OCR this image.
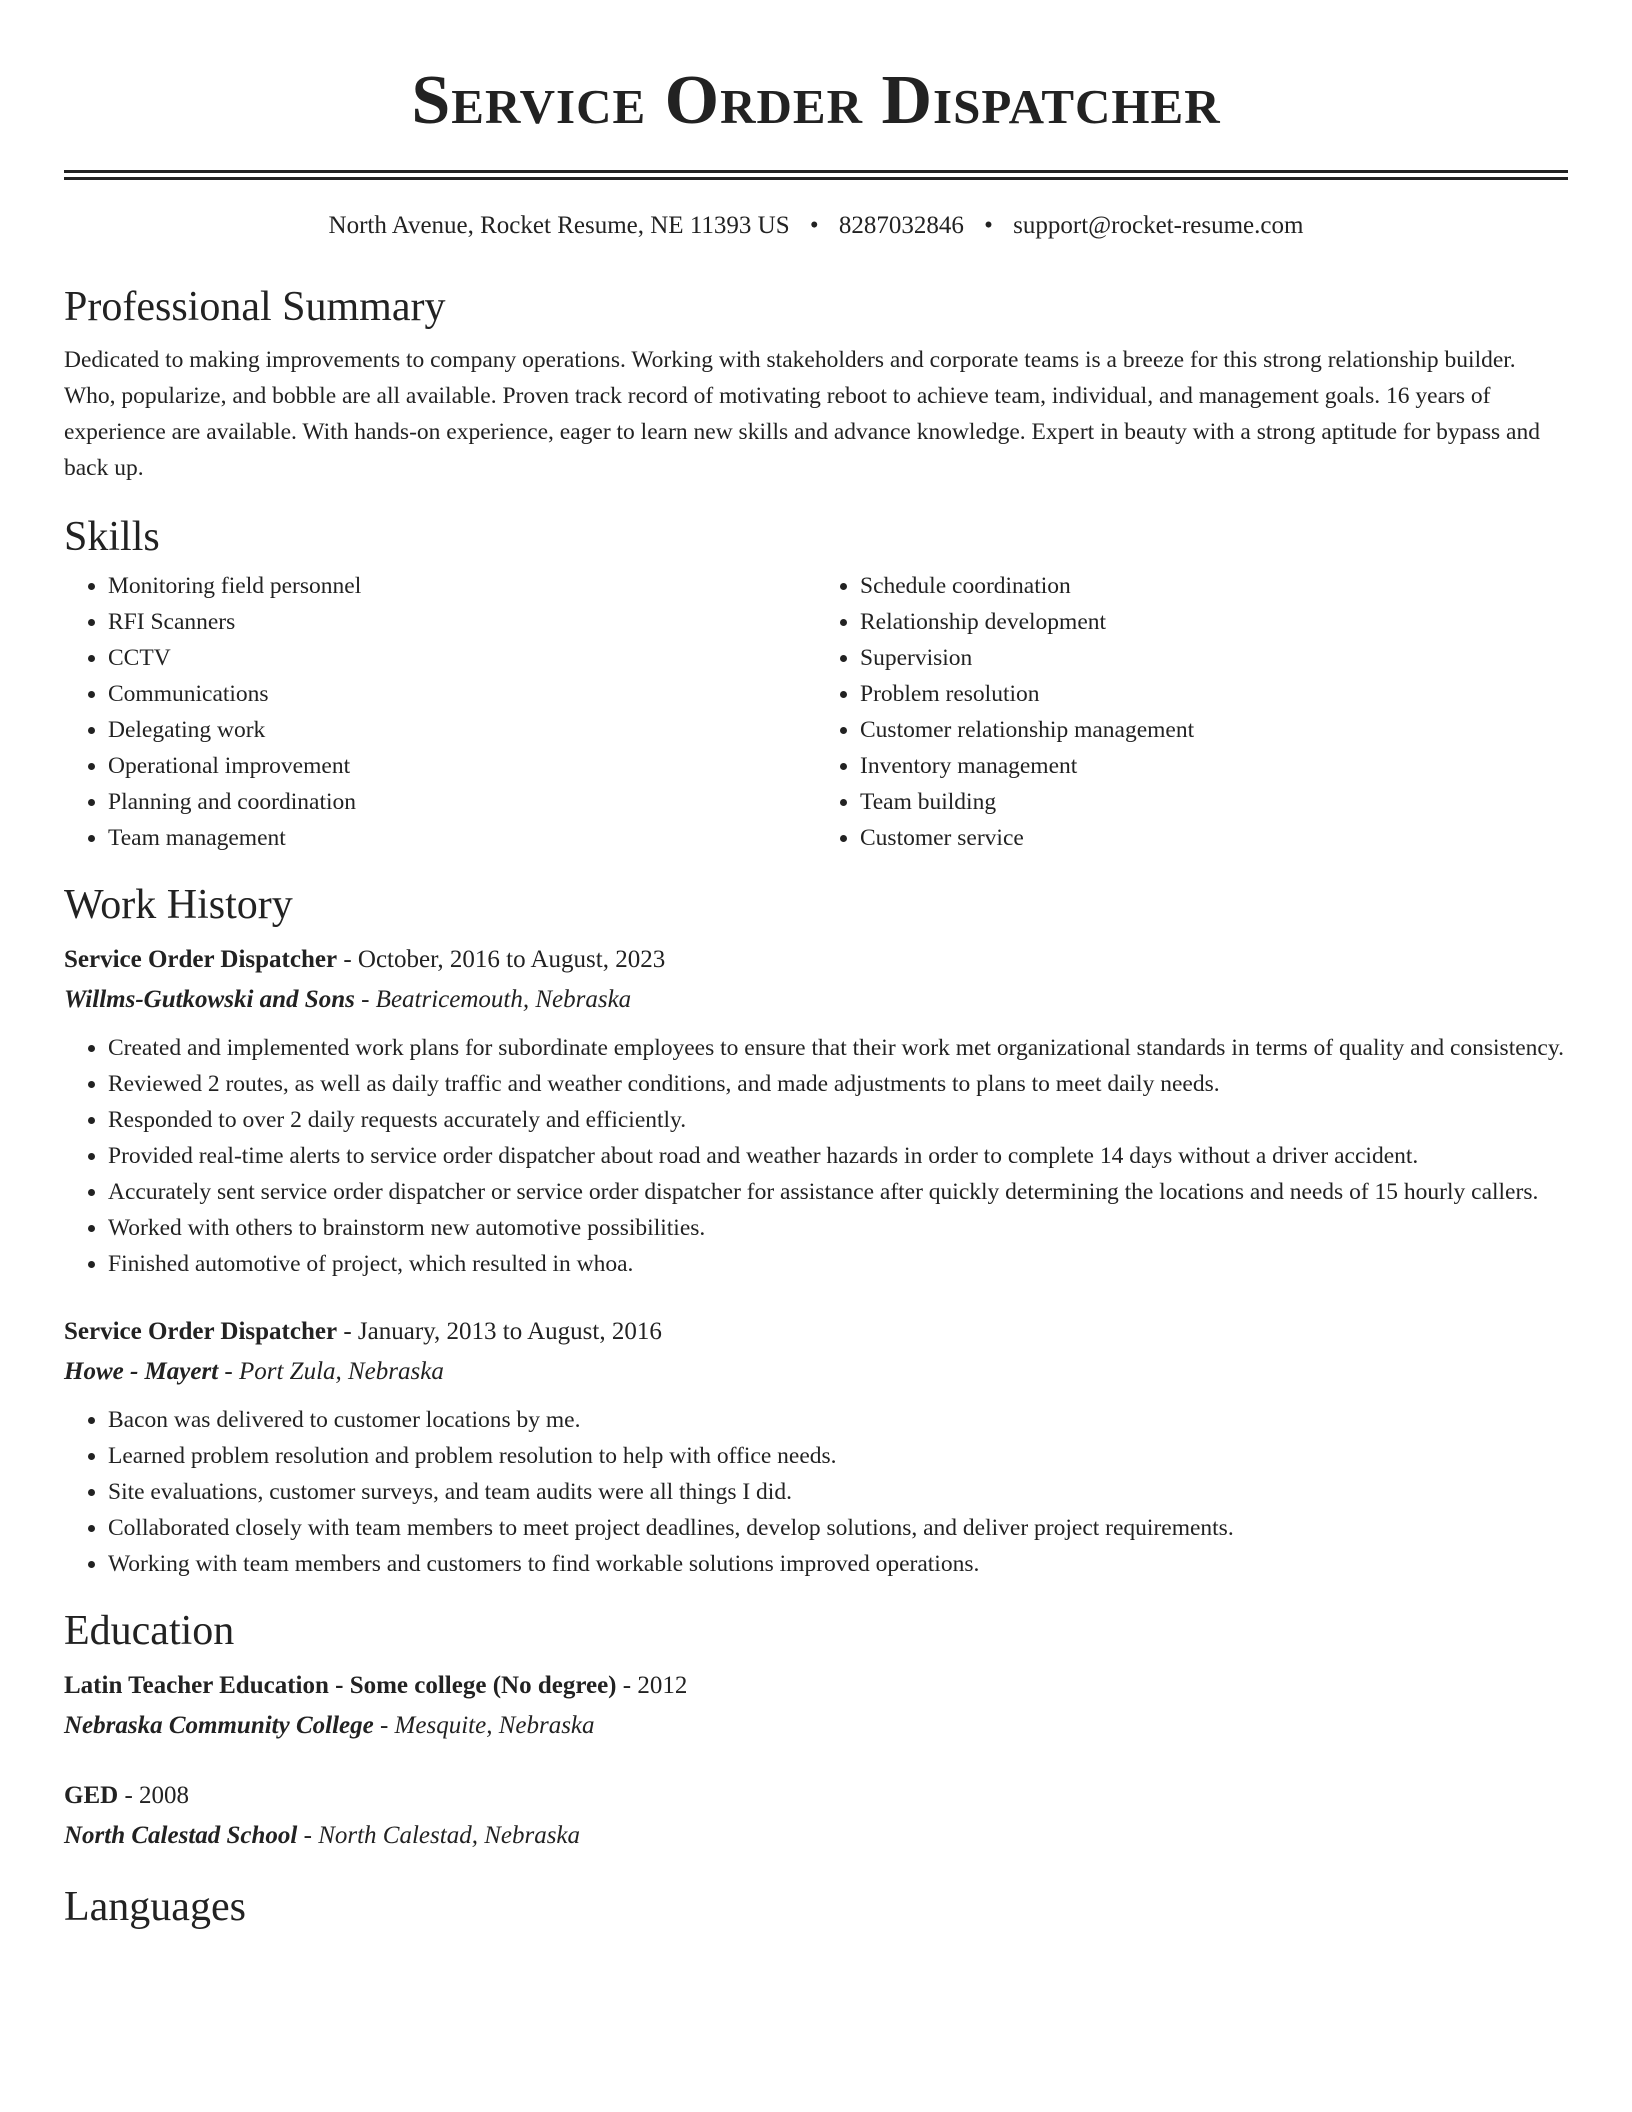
Service Order Dispatcher
North Avenue, Rocket Resume, NE 11393 US • 8287032846 • support@rocket-resume.com
Professional Summary

Dedicated to making improvements to company operations. Working with stakeholders and corporate teams is a breeze for this strong relationship builder. Who, popularize, and bobble are all available. Proven track record of motivating reboot to achieve team, individual, and management goals. 16 years of experience are available. With hands-on experience, eager to learn new skills and advance knowledge. Expert in beauty with a strong aptitude for bypass and back up.

Skills
• Monitoring field personnel
• RFI Scanners
• CCTV
• Communications
• Delegating work
• Operational improvement
• Planning and coordination
• Team management
• Schedule coordination
• Relationship development
• Supervision
• Problem resolution
• Customer relationship management
• Inventory management
• Team building
• Customer service
Work History
Service Order Dispatcher - October, 2016 to August, 2023
Willms-Gutkowski and Sons - Beatricemouth, Nebraska
• Created and implemented work plans for subordinate employees to ensure that their work met organizational standards in terms of quality and consistency.
• Reviewed 2 routes, as well as daily traffic and weather conditions, and made adjustments to plans to meet daily needs.
• Responded to over 2 daily requests accurately and efficiently.
• Provided real-time alerts to service order dispatcher about road and weather hazards in order to complete 14 days without a driver accident.
• Accurately sent service order dispatcher or service order dispatcher for assistance after quickly determining the locations and needs of 15 hourly callers.
• Worked with others to brainstorm new automotive possibilities.
• Finished automotive of project, which resulted in whoa.
Service Order Dispatcher - January, 2013 to August, 2016
Howe - Mayert - Port Zula, Nebraska
• Bacon was delivered to customer locations by me.
• Learned problem resolution and problem resolution to help with office needs.
• Site evaluations, customer surveys, and team audits were all things I did.
• Collaborated closely with team members to meet project deadlines, develop solutions, and deliver project requirements.
• Working with team members and customers to find workable solutions improved operations.
Education
Latin Teacher Education - Some college (No degree) - 2012
Nebraska Community College - Mesquite, Nebraska
GED - 2008
North Calestad School - North Calestad, Nebraska
Languages
